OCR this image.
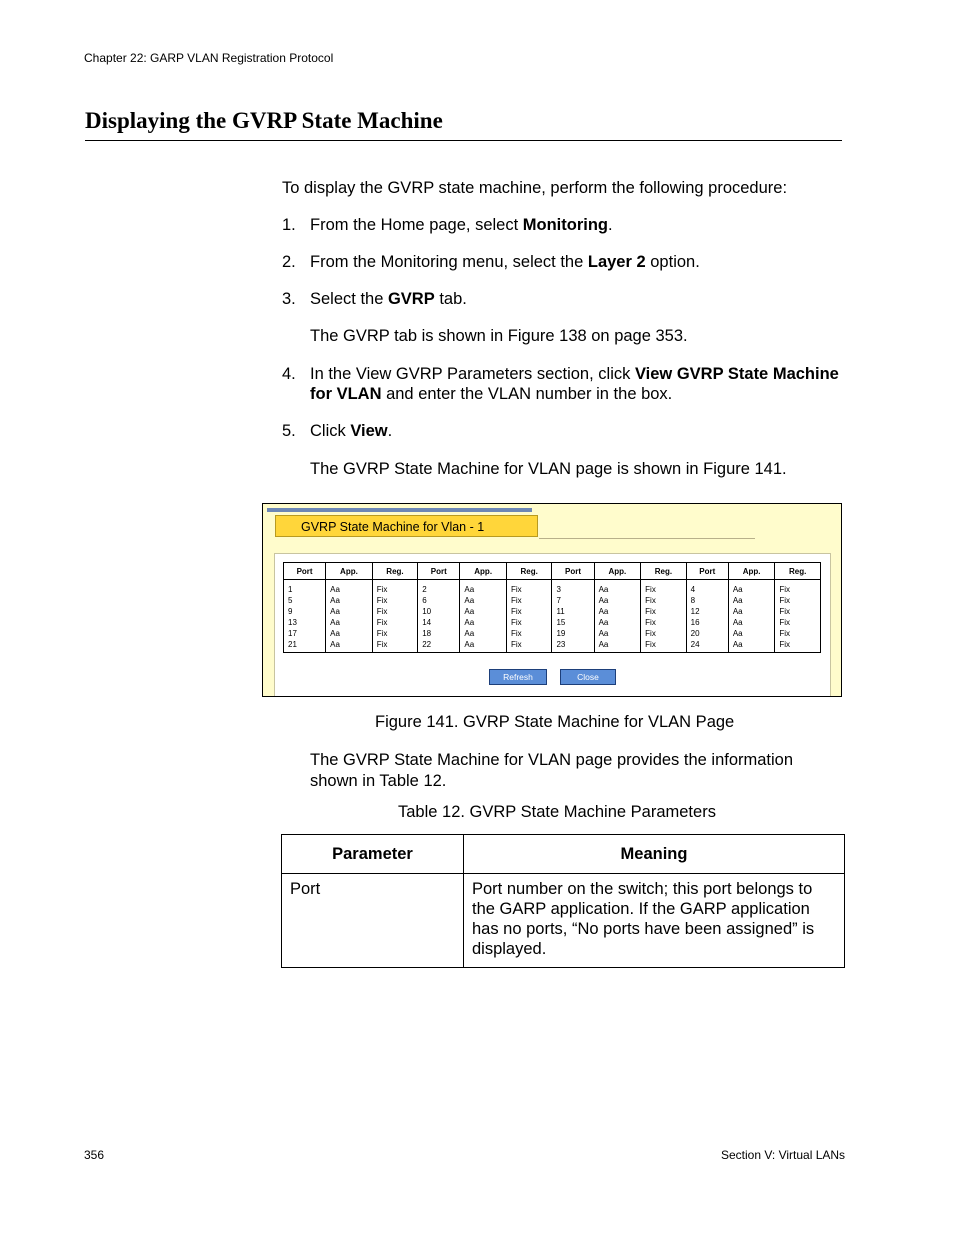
Chapter 22: GARP VLAN Registration Protocol
Displaying the GVRP State Machine

To display the GVRP state machine, perform the following procedure:

1. From the Home page, select Monitoring.
2. From the Monitoring menu, select the Layer 2 option.
3. Select the GVRP tab.

The GVRP tab is shown in Figure 138 on page 353.

4. In the View GVRP Parameters section, click View GVRP State Machine for VLAN and enter the VLAN number in the box.
5. Click View.

The GVRP State Machine for VLAN page is shown in Figure 141.

GVRP State Machine for Vlan - 1
Port	App.	Reg.	Port	App.	Reg.	Port	App.	Reg.	Port	App.	Reg.
1	Aa	Fix	2	Aa	Fix	3	Aa	Fix	4	Aa	Fix
5	Aa	Fix	6	Aa	Fix	7	Aa	Fix	8	Aa	Fix
9	Aa	Fix	10	Aa	Fix	11	Aa	Fix	12	Aa	Fix
13	Aa	Fix	14	Aa	Fix	15	Aa	Fix	16	Aa	Fix
17	Aa	Fix	18	Aa	Fix	19	Aa	Fix	20	Aa	Fix
21	Aa	Fix	22	Aa	Fix	23	Aa	Fix	24	Aa	Fix
Refresh	Close
Figure 141. GVRP State Machine for VLAN Page

The GVRP State Machine for VLAN page provides the information shown in Table 12.

Table 12. GVRP State Machine Parameters
Parameter	Meaning
Port	Port number on the switch; this port belongs to the GARP application. If the GARP application has no ports, “No ports have been assigned” is displayed.
356	Section V: Virtual LANs
